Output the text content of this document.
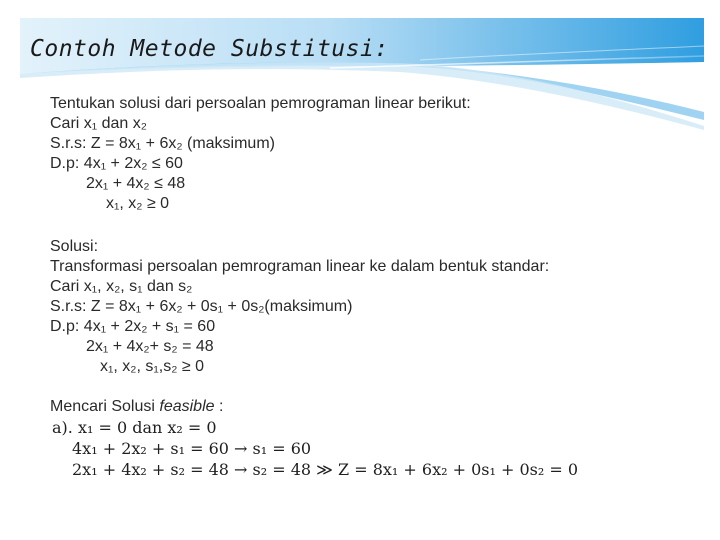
Contoh Metode Substitusi:
Tentukan solusi dari persoalan pemrograman linear berikut:
Cari x₁ dan x₂
S.r.s: Z = 8x₁ + 6x₂ (maksimum)
D.p: 4x₁ + 2x₂ ≤ 60
2x₁ + 4x₂ ≤ 48
x₁, x₂ ≥ 0
Solusi:
Transformasi persoalan pemrograman linear ke dalam bentuk standar:
Cari x₁, x₂, s₁ dan s₂
S.r.s: Z = 8x₁ + 6x₂ + 0s₁ + 0s₂(maksimum)
D.p: 4x₁ + 2x₂ + s₁ = 60
2x₁ + 4x₂+ s₂ = 48
x₁, x₂, s₁,s₂ ≥ 0
Mencari Solusi feasible :
a). x₁ = 0 dan x₂ = 0
4x₁ + 2x₂ + s₁ = 60 → s₁ = 60
2x₁ + 4x₂ + s₂ = 48 → s₂ = 48 ≫ Z = 8x₁ + 6x₂ + 0s₁ + 0s₂ = 0
